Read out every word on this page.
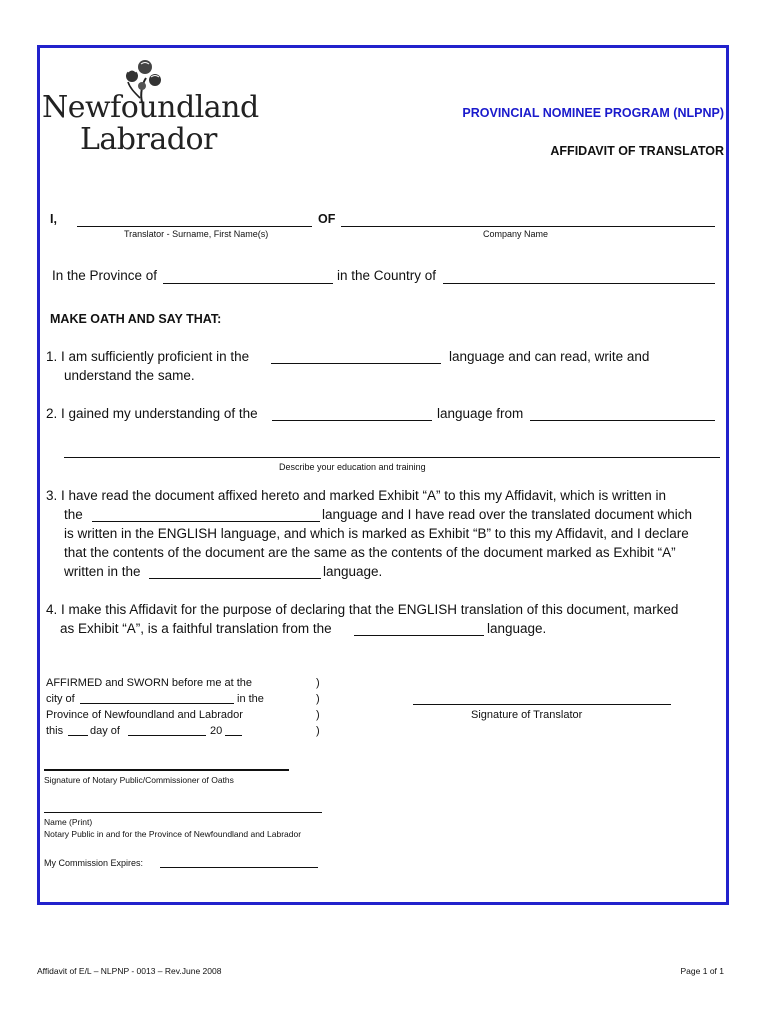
Newfoundland
Labrador
PROVINCIAL NOMINEE PROGRAM (NLPNP)
AFFIDAVIT OF TRANSLATOR
I,	OF
Translator - Surname, First Name(s)	Company Name
In the Province of	in the Country of
MAKE OATH AND SAY THAT:
1. I am sufficiently proficient in the	language and can read, write and
understand the same.
2. I gained my understanding of the	language from
Describe your education and training
3. I have read the document affixed hereto and marked Exhibit “A” to this my Affidavit, which is written in
the	language and I have read over the translated document which
is written in the ENGLISH language, and which is marked as Exhibit “B” to this my Affidavit, and I declare
that the contents of the document are the same as the contents of the document marked as Exhibit “A”
written in the	language.
4. I make this Affidavit for the purpose of declaring that the ENGLISH translation of this document, marked
as Exhibit “A”, is a faithful translation from the	language.
AFFIRMED and SWORN before me at the
city of	in the
Province of Newfoundland and Labrador
this day of	20
)
)
)
)
Signature of Translator
Signature of Notary Public/Commissioner of Oaths
Name (Print)
Notary Public in and for the Province of Newfoundland and Labrador
My Commission Expires:
Affidavit of E/L – NLPNP - 0013 – Rev.June 2008	Page 1 of 1
